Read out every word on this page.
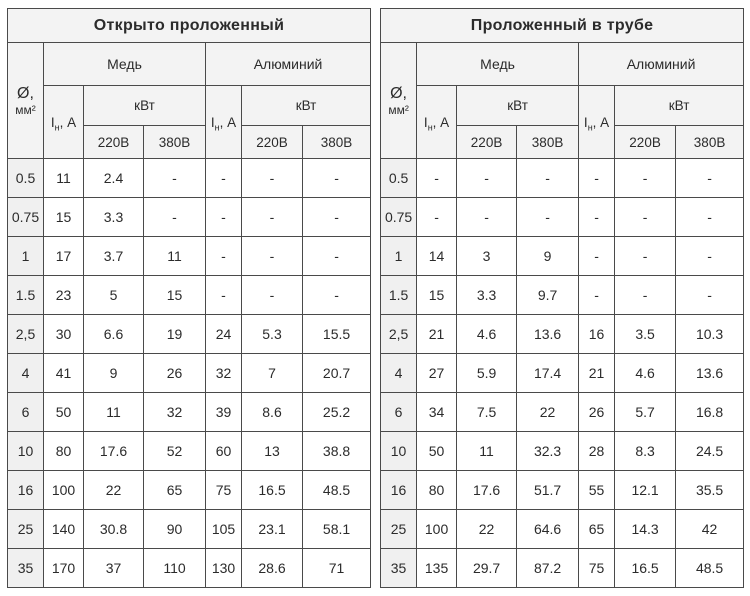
Открыто проложенный						

Ø,
мм²	Медь			Алюминий		
	$I_н$, А	кВт		$I_н$, А	кВт	
		220В	380В		220В	380В
0.5	11	2.4	-	-	-	-
0.75	15	3.3	-	-	-	-
1	17	3.7	11	-	-	-
1.5	23	5	15	-	-	-
2,5	30	6.6	19	24	5.3	15.5
4	41	9	26	32	7	20.7
6	50	11	32	39	8.6	25.2
10	80	17.6	52	60	13	38.8
16	100	22	65	75	16.5	48.5
25	140	30.8	90	105	23.1	58.1
35	170	37	110	130	28.6	71
Проложенный в трубе						

Ø,
мм²	Медь			Алюминий		
	$I_н$, А	кВт		$I_н$, А	кВт	
		220В	380В		220В	380В
0.5	-	-	-	-	-	-
0.75	-	-	-	-	-	-
1	14	3	9	-	-	-
1.5	15	3.3	9.7	-	-	-
2,5	21	4.6	13.6	16	3.5	10.3
4	27	5.9	17.4	21	4.6	13.6
6	34	7.5	22	26	5.7	16.8
10	50	11	32.3	28	8.3	24.5
16	80	17.6	51.7	55	12.1	35.5
25	100	22	64.6	65	14.3	42
35	135	29.7	87.2	75	16.5	48.5
